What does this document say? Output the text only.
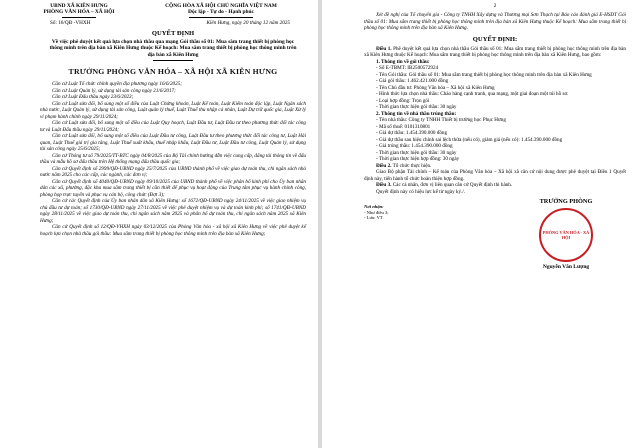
UBND XÃ KIÊN HƯNG
PHÒNG VĂN HÓA – XÃ HỘI
CỘNG HÒA XÃ HỘI CHỦ NGHĨA VIỆT NAM
Độc lập - Tự do - Hạnh phúc
Số: 16/QĐ -VHXH	Kiên Hưng, ngày 20 tháng 12 năm 2025
QUYẾT ĐỊNH
Về việc phê duyệt kết quả lựa chọn nhà thầu qua mạng Gói thầu số 01: Mua sắm trang thiết bị phòng học thông minh trên địa bàn xã Kiên Hưng thuộc Kế hoạch: Mua sắm trang thiết bị phòng học thông minh trên địa bàn xã Kiên Hưng
TRƯỞNG PHÒNG VĂN HÓA – XÃ HỘI XÃ KIÊN HƯNG

Căn cứ Luật Tổ chức chính quyền địa phương ngày 16/6/2025;

Căn cứ Luật Quản lý, sử dụng tài sản công ngày 21/6/2017;

Căn cứ Luật Đấu thầu ngày 23/6/2023;

Căn cứ Luật sửa đổi, bổ sung một số điều của Luật Chứng khoán, Luật Kế toán, Luật Kiểm toán độc lập, Luật Ngân sách nhà nước, Luật Quản lý, sử dụng tài sản công, Luật quản lý thuế, Luật Thuế thu nhập cá nhân, Luật Dự trữ quốc gia, Luật Xử lý vi phạm hành chính ngày 29/11/2024;

Căn cứ Luật sửa đổi, bổ sung một số điều của Luật Quy hoạch, Luật Đầu tư, Luật Đầu tư theo phương thức đối tác công tư và Luật Đấu thầu ngày 29/11/2024;

Căn cứ Luật sửa đổi, bổ sung một số điều của Luật Đầu tư công, Luật Đầu tư theo phương thức đối tác công tư, Luật Hải quan, Luật Thuế giá trị gia tăng, Luật Thuế xuất khẩu, thuế nhập khẩu, Luật Đầu tư, Luật Đầu tư công, Luật Quản lý, sử dụng tài sản công ngày 25/6/2025;

Căn cứ Thông tư số 79/2025/TT-BTC ngày 04/8/2025 của Bộ Tài chính hướng dẫn việc cung cấp, đăng tải thông tin về đấu thầu và mẫu hồ sơ đấu thầu trên Hệ thống mạng đấu thầu quốc gia;

Căn cứ Quyết định số 2999/QĐ-UBND ngày 25/7/2025 của UBND thành phố về việc giao dự toán thu, chi ngân sách nhà nước năm 2025 cho các cấp, các ngành, các đơn vị;

Căn cứ Quyết định số 4040/QĐ-UBND ngày 09/10/2025 của UBND thành phố về việc phân bổ kinh phí cho Ủy ban nhân dân các xã, phường, đặc khu mua sắm trang thiết bị cần thiết để phục vụ hoạt động của Trung tâm phục vụ hành chính công, phòng họp trực tuyến và phục vụ cán bộ, công chức (Đợt 3);

Căn cứ các Quyết định của Ủy ban nhân dân xã Kiên Hưng: số 1672/QĐ-UBND ngày 24/11/2025 về việc giao nhiệm vụ chủ đầu tư dự toán; số 1730/QĐ-UBND ngày 27/11/2025 về việc phê duyệt nhiệm vụ và dự toán kinh phí; số 1741/QĐ-UBND ngày 28/11/2025 về việc giao dự toán thu, chi ngân sách năm 2025 và phân bổ dự toán thu, chi ngân sách năm 2025 xã Kiên Hưng;

Căn cứ Quyết định số 12/QĐ-VHXH ngày 03/12/2025 của Phòng Văn hóa - xã hội xã Kiên Hưng về việc phê duyệt kế hoạch lựa chọn nhà thầu gói thầu: Mua sắm trang thiết bị phòng học thông minh trên địa bàn xã Kiên Hưng;

2

Xét đề nghị của Tổ chuyên gia - Công ty TNHH Xây dựng và Thương mại Sơn Thạch tại Báo cáo đánh giá E-HSDT Gói thầu số 01: Mua sắm trang thiết bị phòng học thông minh trên địa bàn xã Kiên Hưng thuộc Kế hoạch: Mua sắm trang thiết bị phòng học thông minh trên địa bàn xã Kiên Hưng.

QUYẾT ĐỊNH:

Điều 1. Phê duyệt kết quả lựa chọn nhà thầu Gói thầu số 01: Mua sắm trang thiết bị phòng học thông minh trên địa bàn xã Kiên Hưng thuộc Kế hoạch: Mua sắm trang thiết bị phòng học thông minh trên địa bàn xã Kiên Hưng, bao gồm:

1. Thông tin về gói thầu:

- Số E-TBMT: IB2500572924

- Tên Gói thầu: Gói thầu số 01: Mua sắm trang thiết bị phòng học thông minh trên địa bàn xã Kiên Hưng

- Giá gói thầu: 1.462.421.000 đồng

- Tên Chủ đầu tư: Phòng Văn hóa – Xã hội xã Kiên Hưng

- Hình thức lựa chọn nhà thầu: Chào hàng cạnh tranh, qua mạng, một giai đoạn một túi hồ sơ.

- Loại hợp đồng: Trọn gói

- Thời gian thực hiện gói thầu: 30 ngày

2. Thông tin về nhà thầu trúng thầu:

- Tên nhà thầu: Công ty TNHH Thiết bị trường học Phục Hưng

- Mã số thuế: 0101310801

- Giá dự thầu: 1.454.390.000 đồng

- Giá dự thầu sau hiệu chỉnh sai lệch thừa (nếu có), giảm giá (nếu có): 1.454.390.000 đồng

- Giá trúng thầu: 1.454.390.000 đồng

- Thời gian thực hiện gói thầu: 30 ngày

- Thời gian thực hiện hợp đồng: 30 ngày

Điều 2. Tổ chức thực hiện.

Giao Bộ phận Tài chính – Kế toán của Phòng Văn hóa – Xã hội xã căn cứ nội dung được phê duyệt tại Điều 1 Quyết định này, tiến hành tổ chức hoàn thiện hợp đồng.

Điều 3. Các cá nhân, đơn vị liên quan căn cứ Quyết định thi hành.

Quyết định này có hiệu lực kể từ ngày ký./.

Nơi nhận:

- Như điều 3;

- Lưu: VT.

TRƯỞNG PHÒNG
PHÒNG VĂN HÓA - XÃ HỘI
Nguyễn Văn Lượng
